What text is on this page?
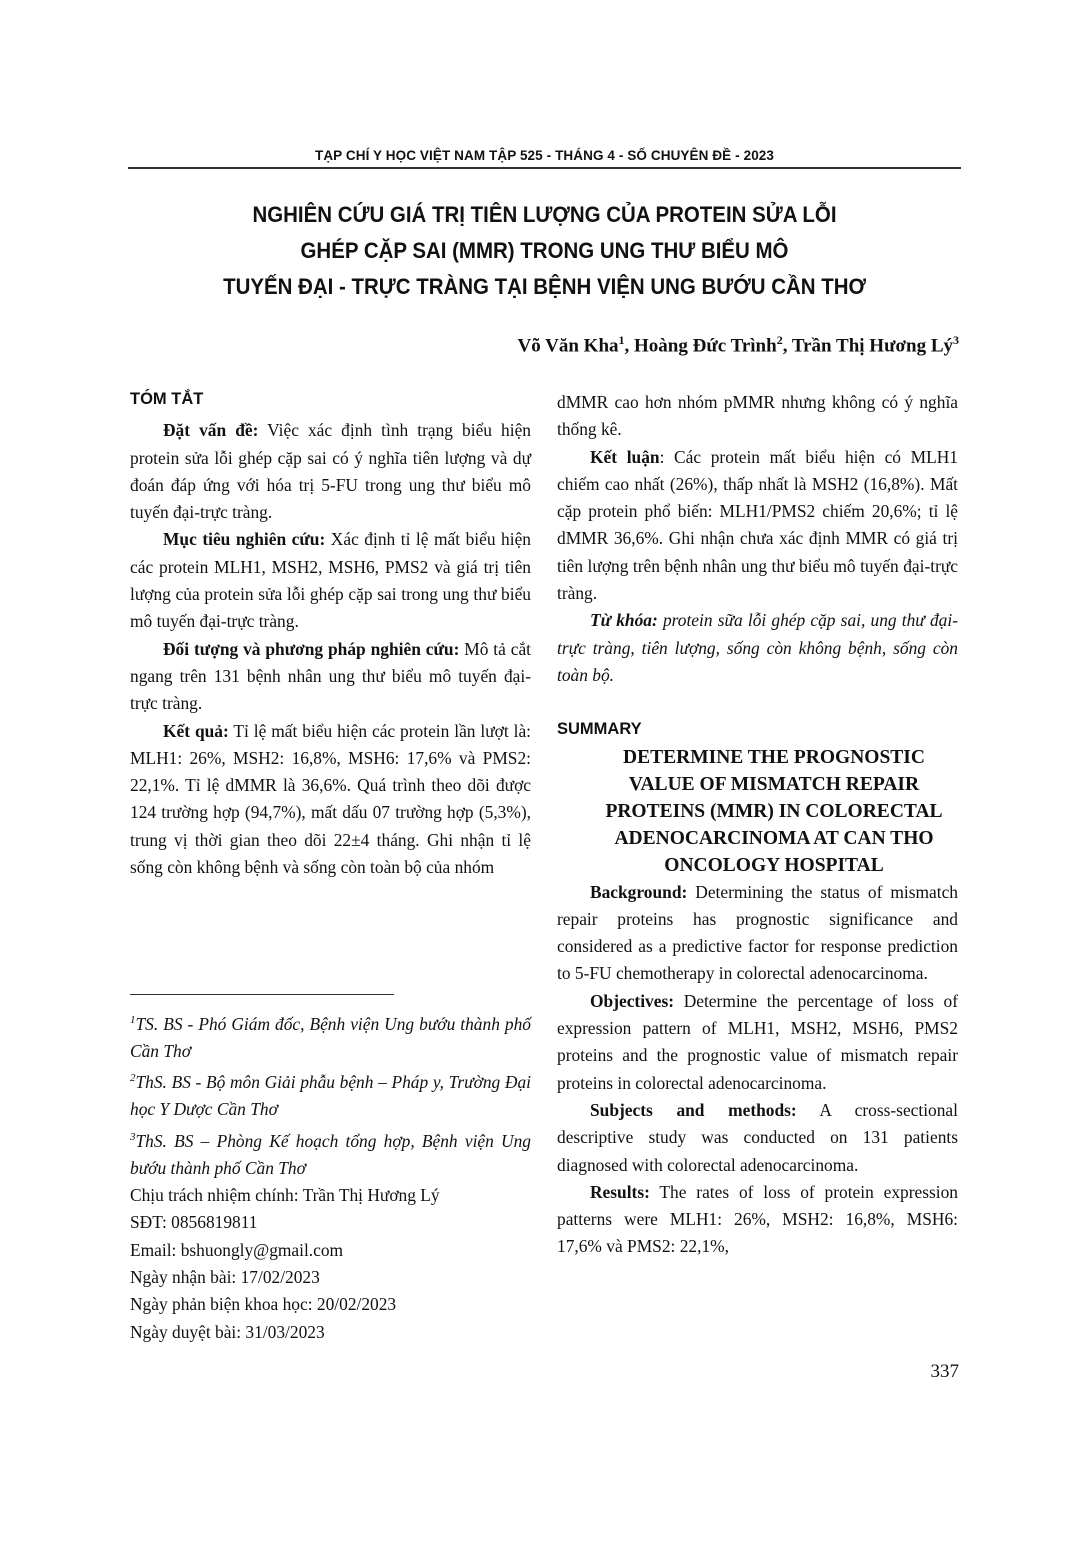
TẠP CHÍ Y HỌC VIỆT NAM TẬP 525 - THÁNG 4 - SỐ CHUYÊN ĐỀ - 2023
NGHIÊN CỨU GIÁ TRỊ TIÊN LƯỢNG CỦA PROTEIN SỬA LỖI
GHÉP CẶP SAI (MMR) TRONG UNG THƯ BIỂU MÔ
TUYẾN ĐẠI - TRỰC TRÀNG TẠI BỆNH VIỆN UNG BƯỚU CẦN THƠ
Võ Văn Kha$^1$, Hoàng Đức Trình$^2$, Trần Thị Hương $Lý^3$
TÓM TẮT

Đặt vấn đề: Việc xác định tình trạng biểu hiện protein sửa lỗi ghép cặp sai có ý nghĩa tiên lượng và dự đoán đáp ứng với hóa trị 5-FU trong ung thư biểu mô tuyến đại-trực tràng.

Mục tiêu nghiên cứu: Xác định tỉ lệ mất biểu hiện các protein MLH1, MSH2, MSH6, PMS2 và giá trị tiên lượng của protein sửa lỗi ghép cặp sai trong ung thư biểu mô tuyến đại-trực tràng.

Đối tượng và phương pháp nghiên cứu: Mô tả cắt ngang trên 131 bệnh nhân ung thư biểu mô tuyến đại-trực tràng.

Kết quả: Tỉ lệ mất biểu hiện các protein lần lượt là: MLH1: 26%, MSH2: 16,8%, MSH6: 17,6% và PMS2: 22,1%. Tỉ lệ dMMR là 36,6%. Quá trình theo dõi được 124 trường hợp (94,7%), mất dấu 07 trường hợp (5,3%), trung vị thời gian theo dõi 22±4 tháng. Ghi nhận tỉ lệ sống còn không bệnh và sống còn toàn bộ của nhóm

$^1$TS. BS - Phó Giám đốc, Bệnh viện Ung bướu thành phố Cần Thơ
$^2$ThS. BS - Bộ môn Giải phẫu bệnh – Pháp y, Trường Đại học Y Dược Cần Thơ
$^3$ThS. BS – Phòng Kế hoạch tổng hợp, Bệnh viện Ung bướu thành phố Cần Thơ
Chịu trách nhiệm chính: Trần Thị Hương Lý
SĐT: 0856819811
Email: bshuongly@gmail.com
Ngày nhận bài: 17/02/2023
Ngày phản biện khoa học: 20/02/2023
Ngày duyệt bài: 31/03/2023

dMMR cao hơn nhóm pMMR nhưng không có ý nghĩa thống kê.

Kết luận: Các protein mất biểu hiện có MLH1 chiếm cao nhất (26%), thấp nhất là MSH2 (16,8%). Mất cặp protein phổ biến: MLH1/PMS2 chiếm 20,6%; tỉ lệ dMMR 36,6%. Ghi nhận chưa xác định MMR có giá trị tiên lượng trên bệnh nhân ung thư biểu mô tuyến đại-trực tràng.

Từ khóa: protein sữa lỗi ghép cặp sai, ung thư đại-trực tràng, tiên lượng, sống còn không bệnh, sống còn toàn bộ.

SUMMARY

DETERMINE THE PROGNOSTIC

VALUE OF MISMATCH REPAIR

PROTEINS (MMR) IN COLORECTAL

ADENOCARCINOMA AT CAN THO

ONCOLOGY HOSPITAL

Background: Determining the status of mismatch repair proteins has prognostic significance and considered as a predictive factor for response prediction to 5-FU chemotherapy in colorectal adenocarcinoma.

Objectives: Determine the percentage of loss of expression pattern of MLH1, MSH2, MSH6, PMS2 proteins and the prognostic value of mismatch repair proteins in colorectal adenocarcinoma.

Subjects and methods: A cross-sectional descriptive study was conducted on 131 patients diagnosed with colorectal adenocarcinoma.

Results: The rates of loss of protein expression patterns were MLH1: 26%, MSH2: 16,8%, MSH6: 17,6% và PMS2: 22,1%,

337
